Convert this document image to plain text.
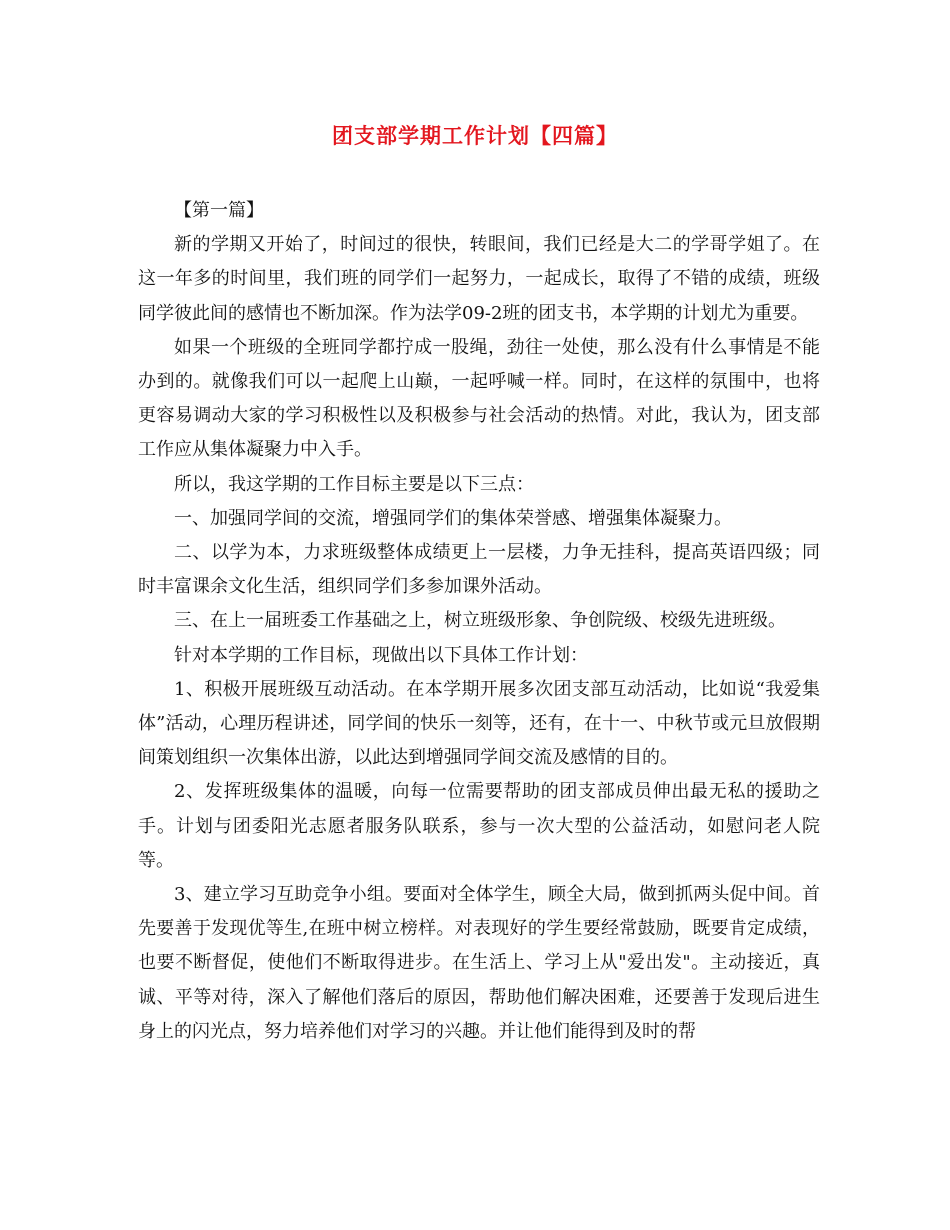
团支部学期工作计划【四篇】

【第一篇】

新的学期又开始了，时间过的很快，转眼间，我们已经是大二的学哥学姐了。在这一年多的时间里，我们班的同学们一起努力，一起成长，取得了不错的成绩，班级同学彼此间的感情也不断加深。作为法学09-2班的团支书，本学期的计划尤为重要。

如果一个班级的全班同学都拧成一股绳，劲往一处使，那么没有什么事情是不能办到的。就像我们可以一起爬上山巅，一起呼喊一样。同时，在这样的氛围中，也将更容易调动大家的学习积极性以及积极参与社会活动的热情。对此，我认为，团支部工作应从集体凝聚力中入手。

所以，我这学期的工作目标主要是以下三点：

一、加强同学间的交流，增强同学们的集体荣誉感、增强集体凝聚力。

二、以学为本，力求班级整体成绩更上一层楼，力争无挂科，提高英语四级；同时丰富课余文化生活，组织同学们多参加课外活动。

三、在上一届班委工作基础之上，树立班级形象、争创院级、校级先进班级。

针对本学期的工作目标，现做出以下具体工作计划：

1、积极开展班级互动活动。在本学期开展多次团支部互动活动，比如说“我爱集体”活动，心理历程讲述，同学间的快乐一刻等，还有，在十一、中秋节或元旦放假期间策划组织一次集体出游，以此达到增强同学间交流及感情的目的。

2、发挥班级集体的温暖，向每一位需要帮助的团支部成员伸出最无私的援助之手。计划与团委阳光志愿者服务队联系，参与一次大型的公益活动，如慰问老人院等。

3、建立学习互助竞争小组。要面对全体学生，顾全大局，做到抓两头促中间。首先要善于发现优等生,在班中树立榜样。对表现好的学生要经常鼓励，既要肯定成绩，也要不断督促，使他们不断取得进步。在生活上、学习上从"爱出发"。主动接近，真诚、平等对待，深入了解他们落后的原因，帮助他们解决困难，还要善于发现后进生身上的闪光点，努力培养他们对学习的兴趣。并让他们能得到及时的帮
